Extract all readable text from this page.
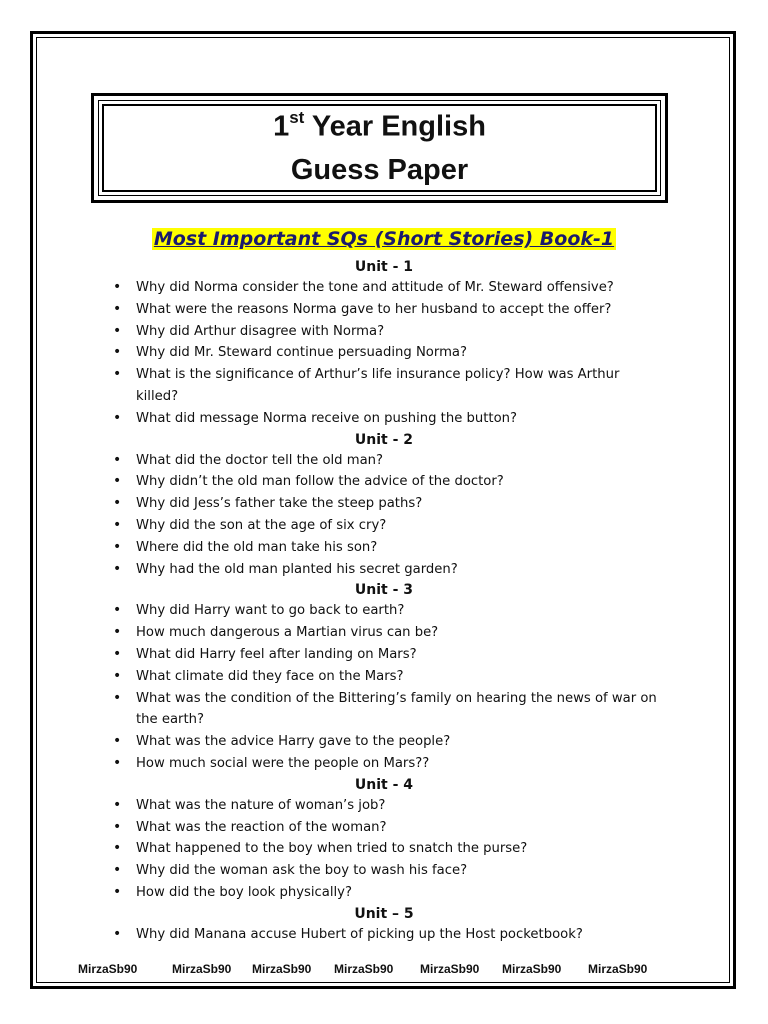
1st Year English
Guess Paper
Most Important SQs (Short Stories) Book-1
Unit - 1
• Why did Norma consider the tone and attitude of Mr. Steward offensive?
• What were the reasons Norma gave to her husband to accept the offer?
• Why did Arthur disagree with Norma?
• Why did Mr. Steward continue persuading Norma?
• What is the significance of Arthur’s life insurance policy? How was Arthur killed?
• What did message Norma receive on pushing the button?
Unit - 2
• What did the doctor tell the old man?
• Why didn’t the old man follow the advice of the doctor?
• Why did Jess’s father take the steep paths?
• Why did the son at the age of six cry?
• Where did the old man take his son?
• Why had the old man planted his secret garden?
Unit - 3
• Why did Harry want to go back to earth?
• How much dangerous a Martian virus can be?
• What did Harry feel after landing on Mars?
• What climate did they face on the Mars?
• What was the condition of the Bittering’s family on hearing the news of war on the earth?
• What was the advice Harry gave to the people?
• How much social were the people on Mars??
Unit - 4
• What was the nature of woman’s job?
• What was the reaction of the woman?
• What happened to the boy when tried to snatch the purse?
• Why did the woman ask the boy to wash his face?
• How did the boy look physically?
Unit – 5
• Why did Manana accuse Hubert of picking up the Host pocketbook?
MirzaSb90	MirzaSb90 MirzaSb90 MirzaSb90 MirzaSb90 MirzaSb90 MirzaSb90
